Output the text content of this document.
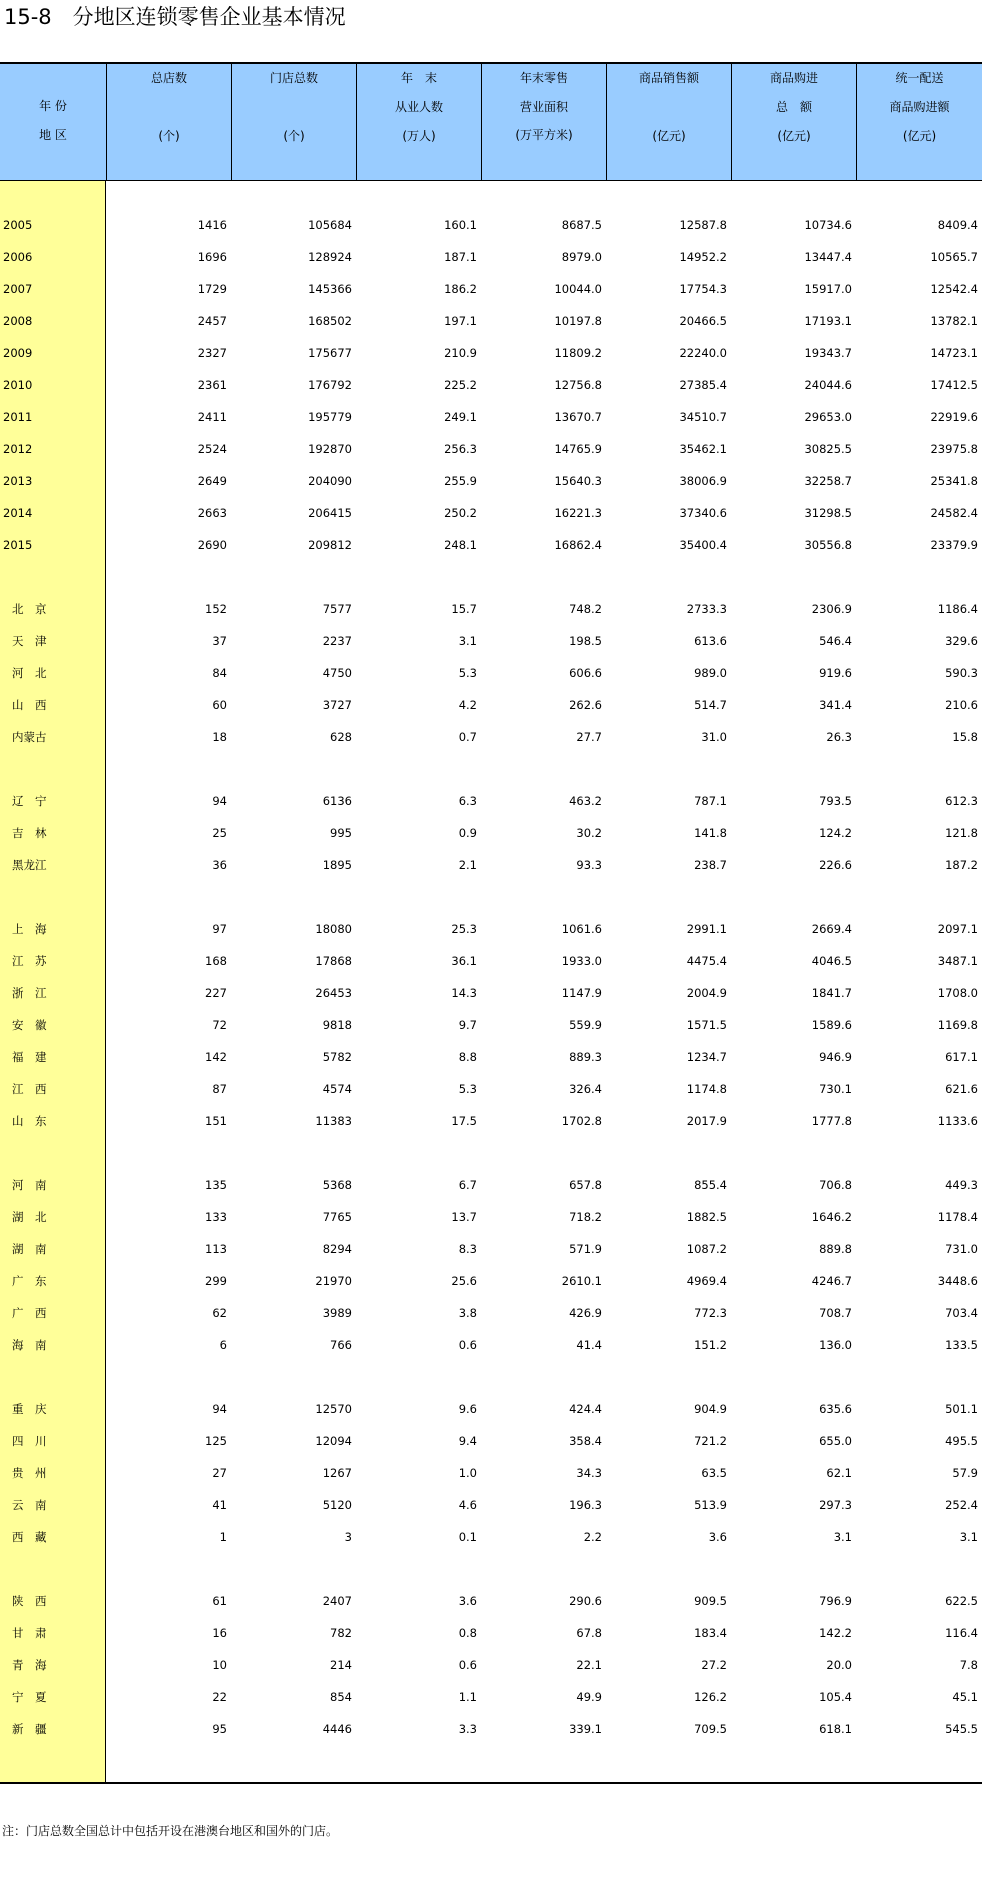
15-8　分地区连锁零售企业基本情况
年 份
地 区
总店数
(个)
门店总数
(个)
年　末
从业人数
(万人)
年末零售
营业面积
(万平方米)
商品销售额
(亿元)
商品购进
总　额
(亿元)
统一配送
商品购进额
(亿元)
2005	1416	105684	160.1	8687.5	12587.8	10734.6	8409.4
2006	1696	128924	187.1	8979.0	14952.2	13447.4	10565.7
2007	1729	145366	186.2	10044.0	17754.3	15917.0	12542.4
2008	2457	168502	197.1	10197.8	20466.5	17193.1	13782.1
2009	2327	175677	210.9	11809.2	22240.0	19343.7	14723.1
2010	2361	176792	225.2	12756.8	27385.4	24044.6	17412.5
2011	2411	195779	249.1	13670.7	34510.7	29653.0	22919.6
2012	2524	192870	256.3	14765.9	35462.1	30825.5	23975.8
2013	2649	204090	255.9	15640.3	38006.9	32258.7	25341.8
2014	2663	206415	250.2	16221.3	37340.6	31298.5	24582.4
2015	2690	209812	248.1	16862.4	35400.4	30556.8	23379.9
北　京	152	7577	15.7	748.2	2733.3	2306.9	1186.4
天　津	37	2237	3.1	198.5	613.6	546.4	329.6
河　北	84	4750	5.3	606.6	989.0	919.6	590.3
山　西	60	3727	4.2	262.6	514.7	341.4	210.6
内蒙古	18	628	0.7	27.7	31.0	26.3	15.8
辽　宁	94	6136	6.3	463.2	787.1	793.5	612.3
吉　林	25	995	0.9	30.2	141.8	124.2	121.8
黑龙江	36	1895	2.1	93.3	238.7	226.6	187.2
上　海	97	18080	25.3	1061.6	2991.1	2669.4	2097.1
江　苏	168	17868	36.1	1933.0	4475.4	4046.5	3487.1
浙　江	227	26453	14.3	1147.9	2004.9	1841.7	1708.0
安　徽	72	9818	9.7	559.9	1571.5	1589.6	1169.8
福　建	142	5782	8.8	889.3	1234.7	946.9	617.1
江　西	87	4574	5.3	326.4	1174.8	730.1	621.6
山　东	151	11383	17.5	1702.8	2017.9	1777.8	1133.6
河　南	135	5368	6.7	657.8	855.4	706.8	449.3
湖　北	133	7765	13.7	718.2	1882.5	1646.2	1178.4
湖　南	113	8294	8.3	571.9	1087.2	889.8	731.0
广　东	299	21970	25.6	2610.1	4969.4	4246.7	3448.6
广　西	62	3989	3.8	426.9	772.3	708.7	703.4
海　南	6	766	0.6	41.4	151.2	136.0	133.5
重　庆	94	12570	9.6	424.4	904.9	635.6	501.1
四　川	125	12094	9.4	358.4	721.2	655.0	495.5
贵　州	27	1267	1.0	34.3	63.5	62.1	57.9
云　南	41	5120	4.6	196.3	513.9	297.3	252.4
西　藏	1	3	0.1	2.2	3.6	3.1	3.1
陕　西	61	2407	3.6	290.6	909.5	796.9	622.5
甘　肃	16	782	0.8	67.8	183.4	142.2	116.4
青　海	10	214	0.6	22.1	27.2	20.0	7.8
宁　夏	22	854	1.1	49.9	126.2	105.4	45.1
新　疆	95	4446	3.3	339.1	709.5	618.1	545.5
注：门店总数全国总计中包括开设在港澳台地区和国外的门店。
